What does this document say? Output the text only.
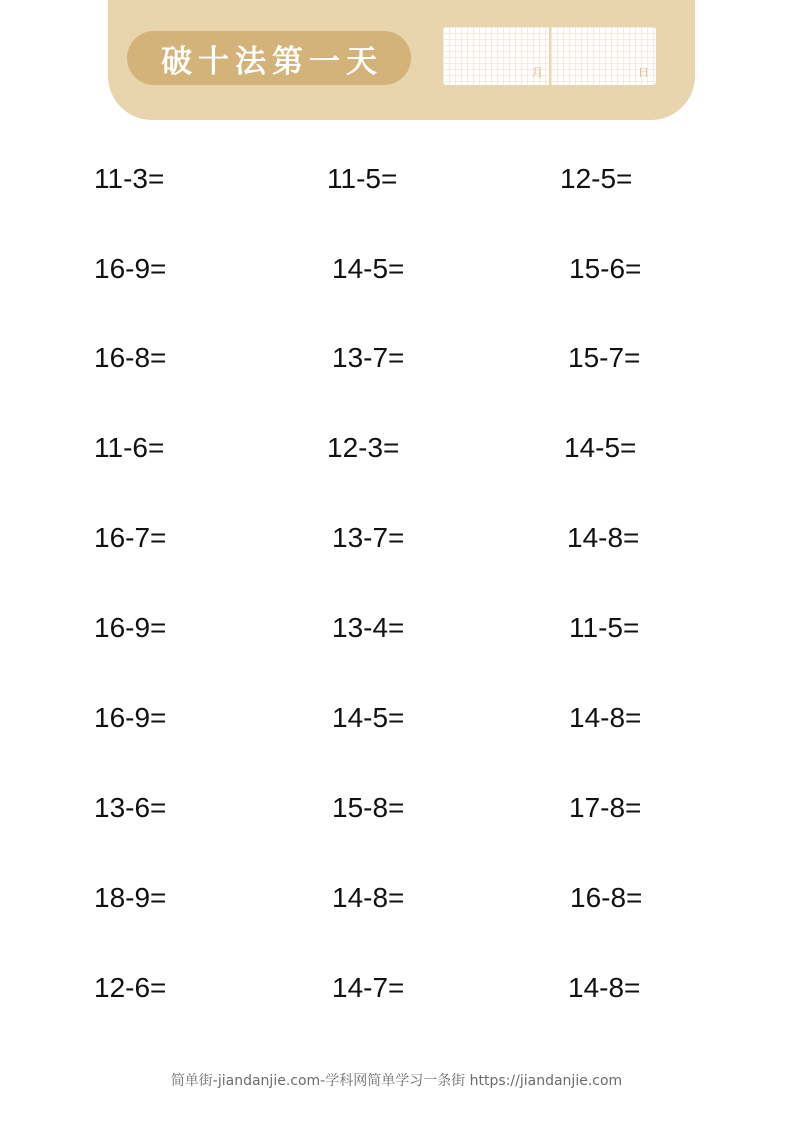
破十法第一天	月	日
11-3=	11-5=	12-5=
16-9=	14-5=	15-6=
16-8=	13-7=	15-7=
11-6=	12-3=	14-5=
16-7=	13-7=	14-8=
16-9=	13-4=	11-5=
16-9=	14-5=	14-8=
13-6=	15-8=	17-8=
18-9=	14-8=	16-8=
12-6=	14-7=	14-8=
简单街-jiandanjie.com-学科网简单学习一条街 https://jiandanjie.com
